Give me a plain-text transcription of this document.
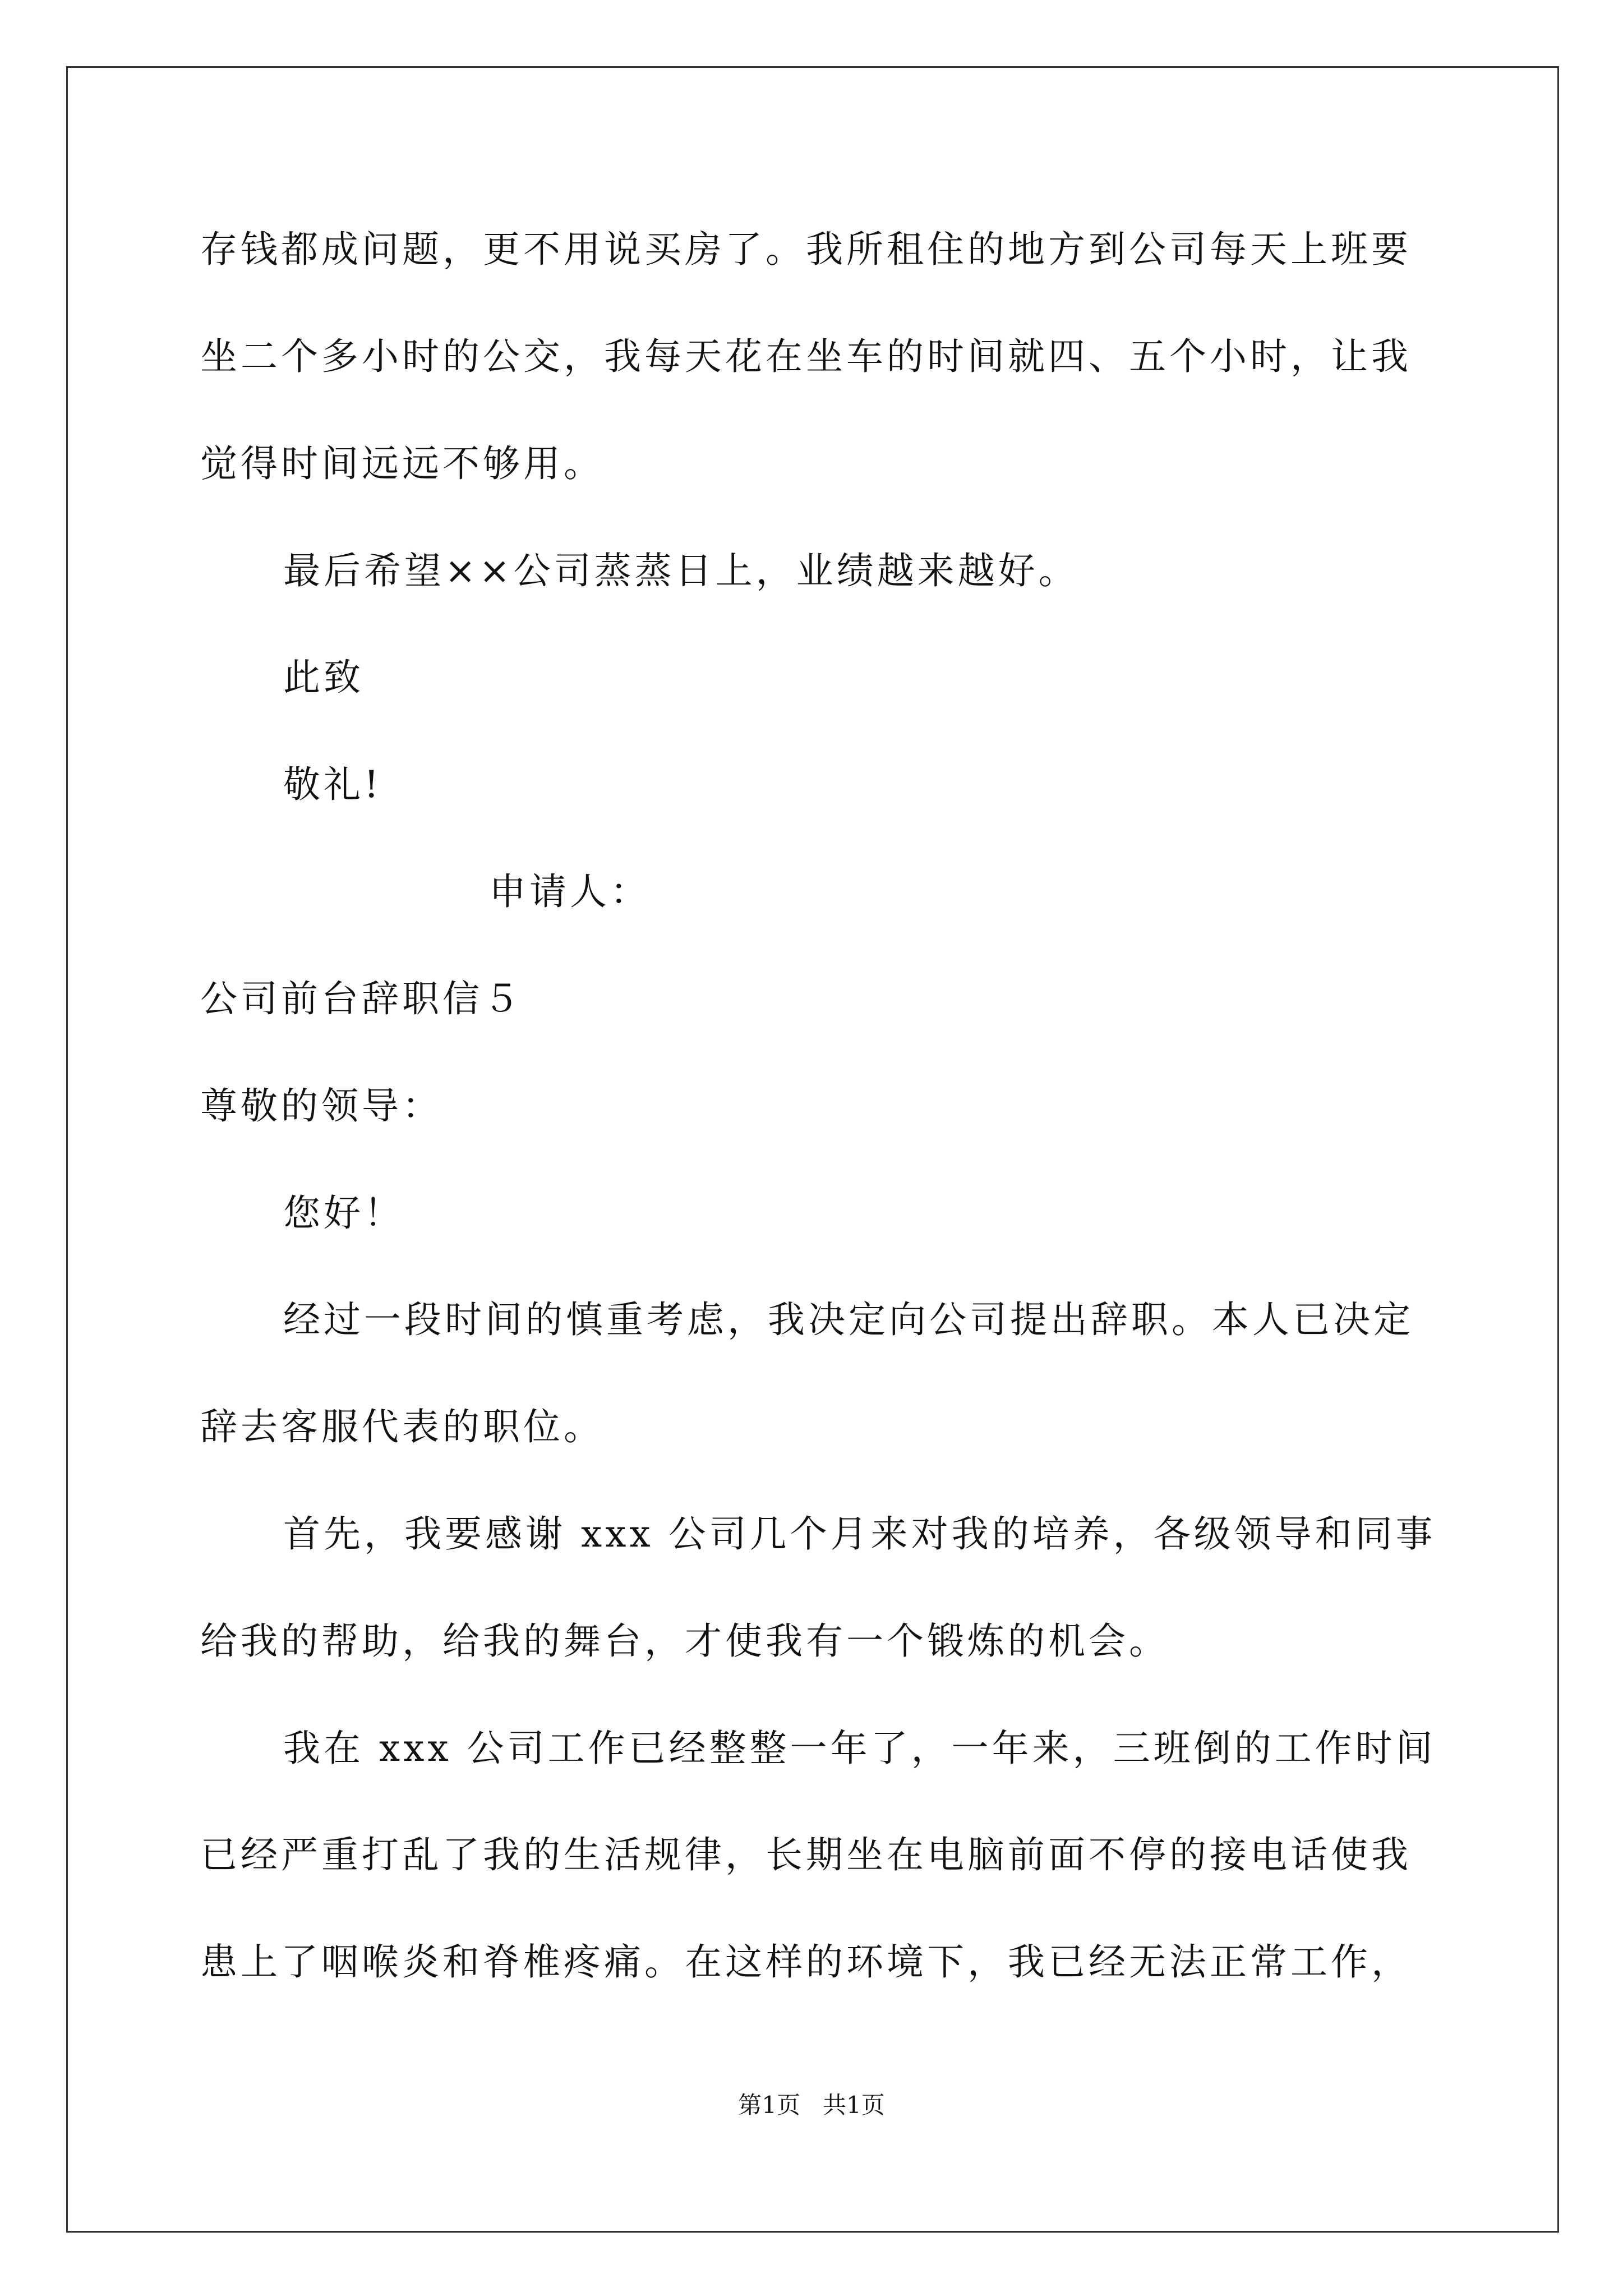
存钱都成问题，更不用说买房了。我所租住的地方到公司每天上班要
坐二个多小时的公交，我每天花在坐车的时间就四、五个小时，让我
觉得时间远远不够用。
最后希望××公司蒸蒸日上，业绩越来越好。
此致
敬礼!
申请人：
公司前台辞职信５
尊敬的领导：
您好！
经过一段时间的慎重考虑，我决定向公司提出辞职。本人已决定
辞去客服代表的职位。
首先，我要感谢 xxx 公司几个月来对我的培养，各级领导和同事
给我的帮助，给我的舞台，才使我有一个锻炼的机会。
我在 xxx 公司工作已经整整一年了，一年来，三班倒的工作时间
已经严重打乱了我的生活规律，长期坐在电脑前面不停的接电话使我
患上了咽喉炎和脊椎疼痛。在这样的环境下，我已经无法正常工作，
第1页   共1页
